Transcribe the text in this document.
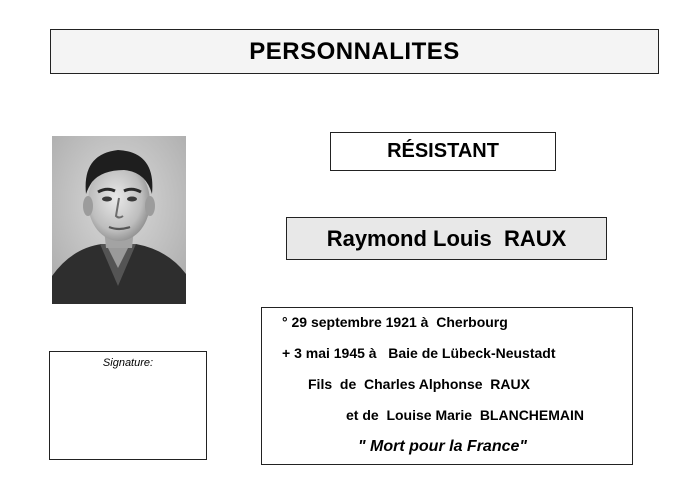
PERSONNALITES
RÉSISTANT
Raymond Louis  RAUX
Signature:
° 29 septembre 1921 à  Cherbourg
+ 3 mai 1945 à   Baie de Lübeck-Neustadt
Fils  de  Charles Alphonse  RAUX
et de  Louise Marie  BLANCHEMAIN
" Mort pour la France"
